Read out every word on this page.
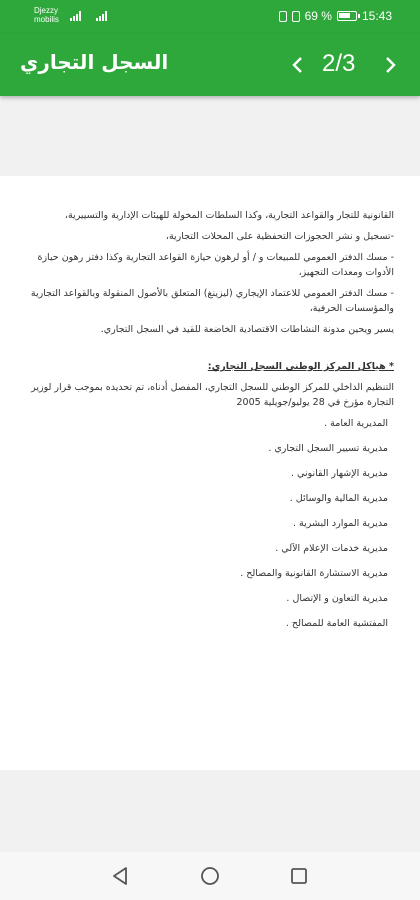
Djezzy
mobilis	69 %	15:43
السجل التجاري	2/3

القانونية للتجار والقواعد التجارية، وكذا السلطات المخولة للهيئات الإدارية والتسييرية،

-تسجيل و نشر الحجوزات التحفظية على المحلات التجارية،

- مسك الدفتر العمومي للمبيعات و / أو لرهون حيازة القواعد التجارية وكذا دفتر رهون حيازة الأدوات ومعدات التجهيز،

- مسك الدفتر العمومي للاعتماد الإيجاري (ليزينغ) المتعلق بالأصول المنقولة وبالقواعد التجارية والمؤسسات الحرفية،

يسير ويحين مدونة النشاطات الاقتصادية الخاضعة للقيد في السجل التجاري.

* هياكل المركز الوطني السجل التجاري:

التنظيم الداخلي للمركز الوطني للسجل التجاري، المفصل أدناه، تم تحديده بموجب قرار لوزير التجارة مؤرخ في 28 يوليو/جويلية 2005

المديرية العامة .
مديرية تسيير السجل التجاري .
مديرية الإشهار القانوني .
مديرية المالية والوسائل .
مديرية الموارد البشرية .
مديرية خدمات الإعلام الآلي .
مديرية الاستشارة القانونية والمصالح .
مديرية التعاون و الإتصال .
المفتشية العامة للمصالح .
